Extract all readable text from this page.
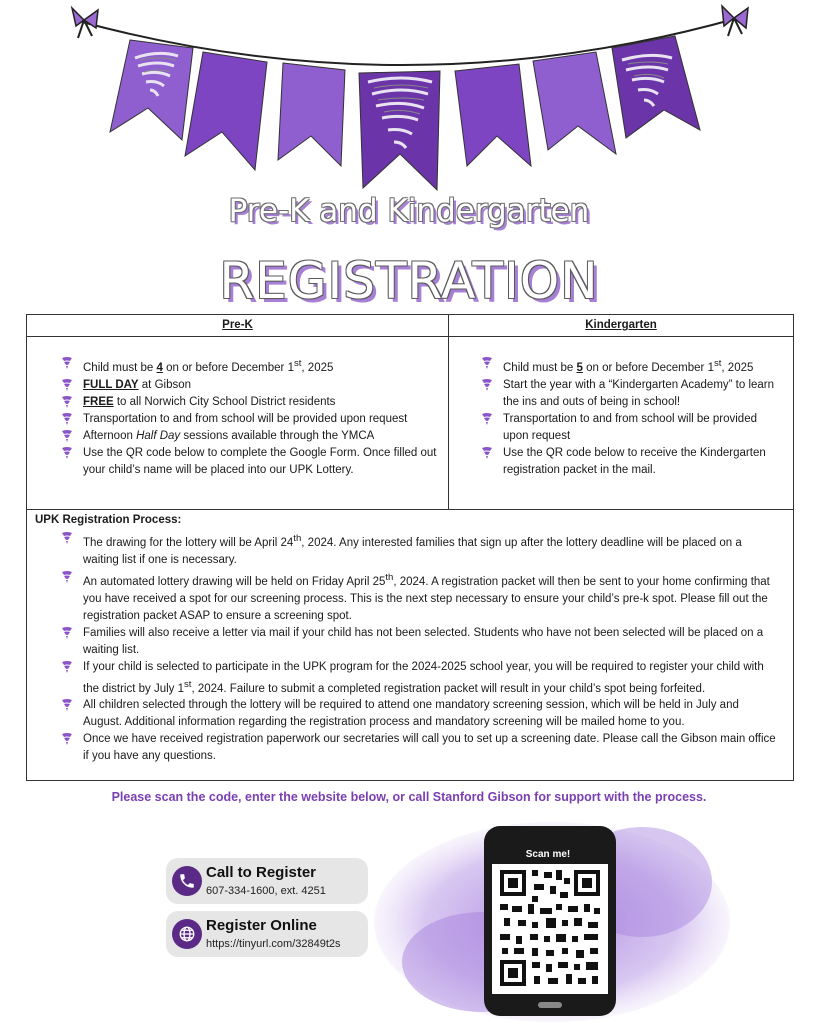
Pre-K and Kindergarten
REGISTRATION
Pre-K
Child must be 4 on or before December 1st, 2025
FULL DAY at Gibson
FREE to all Norwich City School District residents
Transportation to and from school will be provided upon request
Afternoon Half Day sessions available through the YMCA
Use the QR code below to complete the Google Form. Once filled out your child’s name will be placed into our UPK Lottery.
Kindergarten
Child must be 5 on or before December 1st, 2025
Start the year with a “Kindergarten Academy” to learn the ins and outs of being in school!
Transportation to and from school will be provided upon request
Use the QR code below to receive the Kindergarten registration packet in the mail.
UPK Registration Process:
The drawing for the lottery will be April 24th, 2024. Any interested families that sign up after the lottery deadline will be placed on a waiting list if one is necessary.
An automated lottery drawing will be held on Friday April 25th, 2024. A registration packet will then be sent to your home confirming that you have received a spot for our screening process. This is the next step necessary to ensure your child’s pre-k spot. Please fill out the registration packet ASAP to ensure a screening spot.
Families will also receive a letter via mail if your child has not been selected. Students who have not been selected will be placed on a waiting list.
If your child is selected to participate in the UPK program for the 2024-2025 school year, you will be required to register your child with the district by July 1st, 2024. Failure to submit a completed registration packet will result in your child’s spot being forfeited.
All children selected through the lottery will be required to attend one mandatory screening session, which will be held in July and August. Additional information regarding the registration process and mandatory screening will be mailed home to you.
Once we have received registration paperwork our secretaries will call you to set up a screening date. Please call the Gibson main office if you have any questions.
Please scan the code, enter the website below, or call Stanford Gibson for support with the process.
Call to Register
607-334-1600, ext. 4251
Register Online
https://tinyurl.com/32849t2s
Scan me!
